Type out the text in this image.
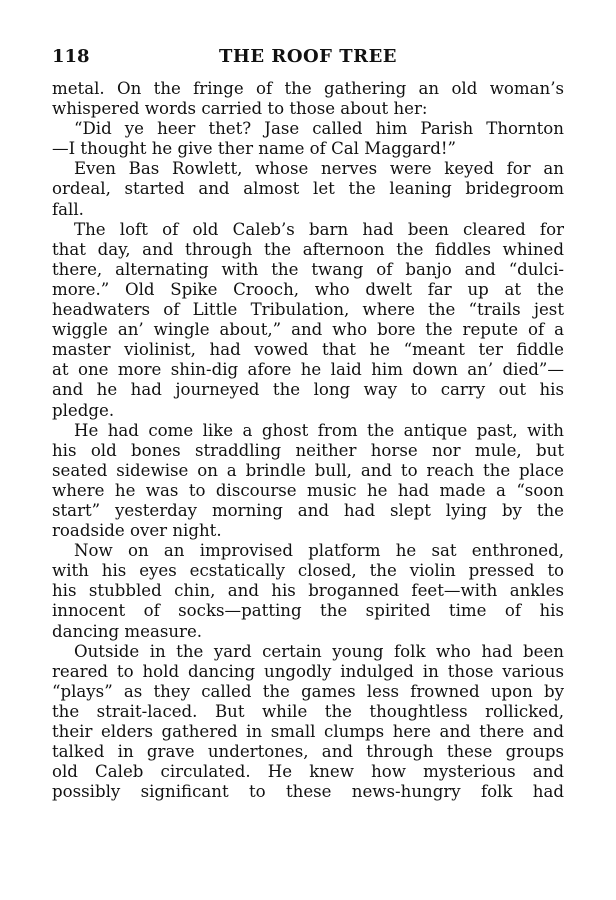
118	THE ROOF TREE
metal. On the fringe of the gathering an old woman’s
whispered words carried to those about her:
“Did ye heer thet? Jase called him Parish Thornton
—I thought he give ther name of Cal Maggard!”
Even Bas Rowlett, whose nerves were keyed for an
ordeal, started and almost let the leaning bridegroom
fall.
The loft of old Caleb’s barn had been cleared for
that day, and through the afternoon the fiddles whined
there, alternating with the twang of banjo and “dulci-
more.” Old Spike Crooch, who dwelt far up at the
headwaters of Little Tribulation, where the “trails jest
wiggle an’ wingle about,” and who bore the repute of a
master violinist, had vowed that he “meant ter fiddle
at one more shin-dig afore he laid him down an’ died”—
and he had journeyed the long way to carry out his
pledge.
He had come like a ghost from the antique past, with
his old bones straddling neither horse nor mule, but
seated sidewise on a brindle bull, and to reach the place
where he was to discourse music he had made a “soon
start” yesterday morning and had slept lying by the
roadside over night.
Now on an improvised platform he sat enthroned,
with his eyes ecstatically closed, the violin pressed to
his stubbled chin, and his broganned feet—with ankles
innocent of socks—patting the spirited time of his
dancing measure.
Outside in the yard certain young folk who had been
reared to hold dancing ungodly indulged in those various
“plays” as they called the games less frowned upon by
the strait-laced. But while the thoughtless rollicked,
their elders gathered in small clumps here and there and
talked in grave undertones, and through these groups
old Caleb circulated. He knew how mysterious and
possibly significant to these news-hungry folk had
